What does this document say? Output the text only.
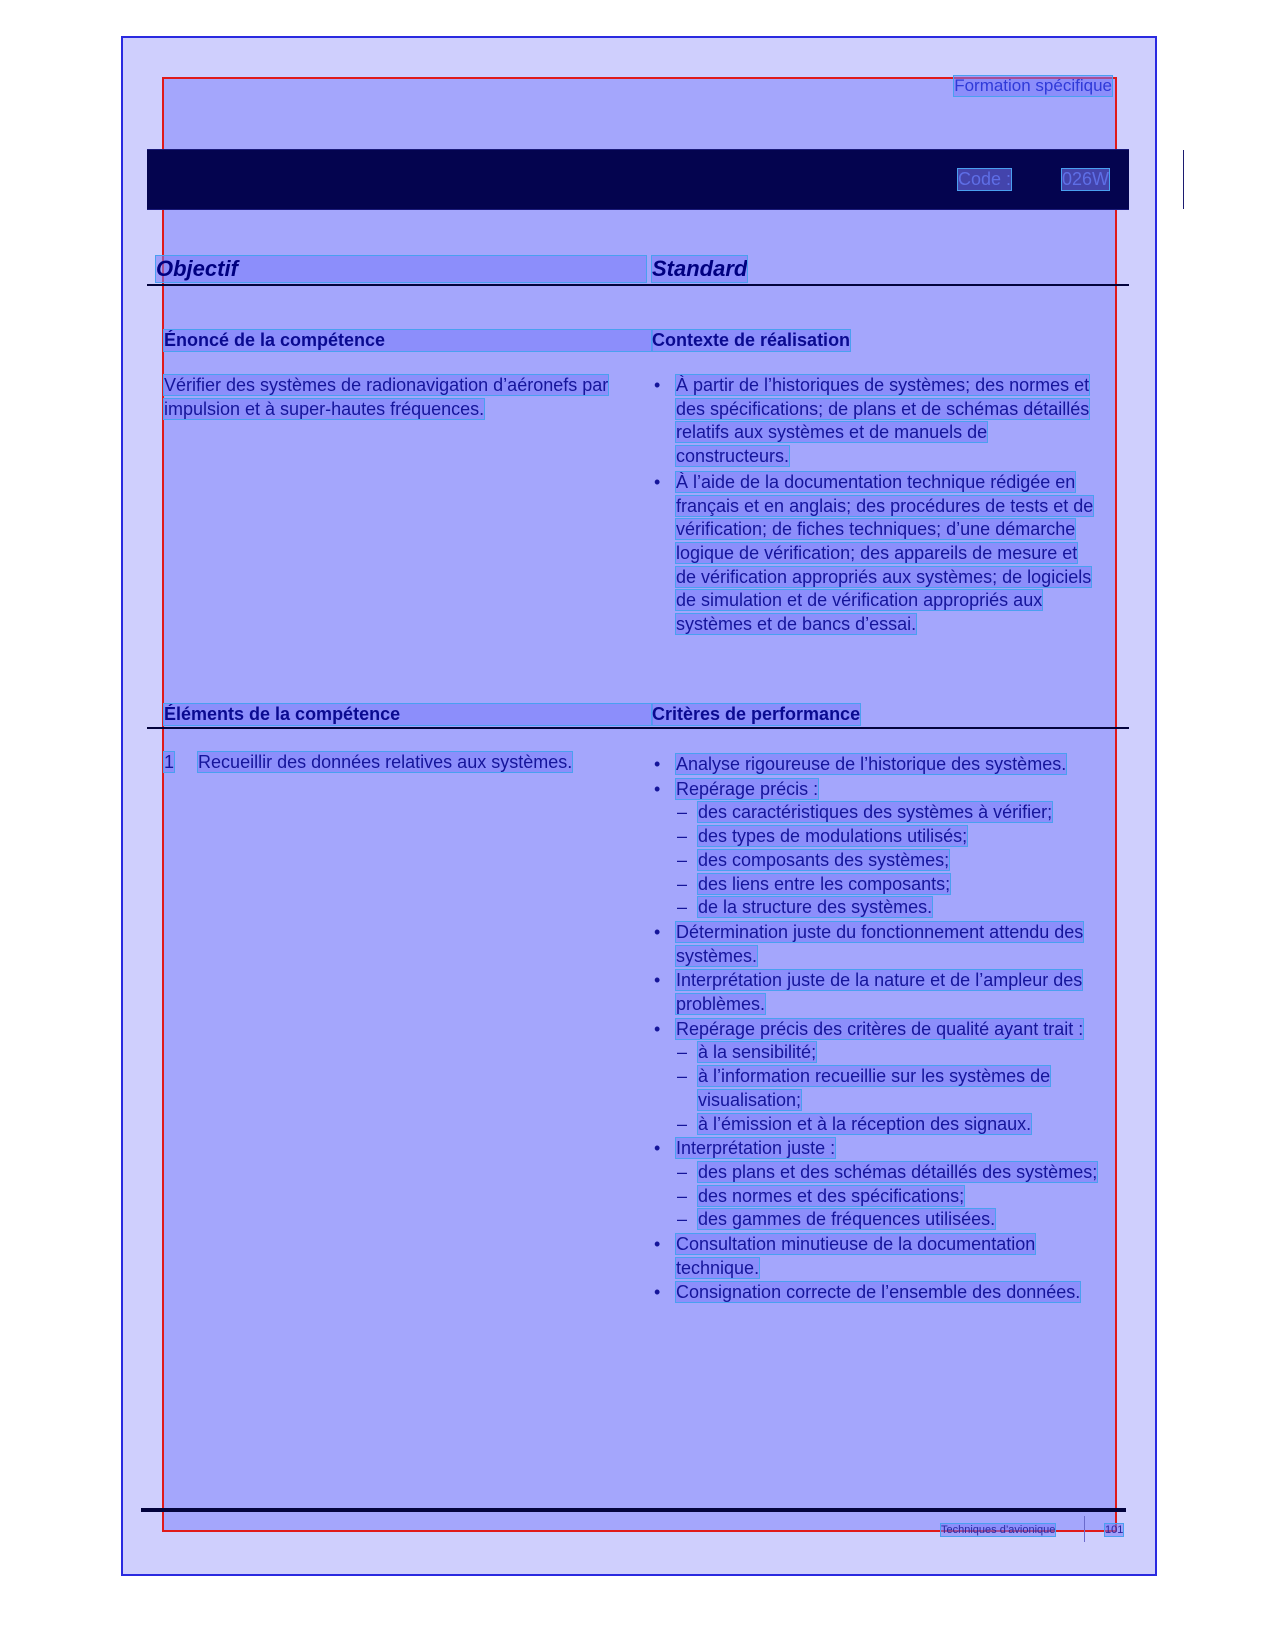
Formation spécifique
Code :	026W
Objectif	Standard
Énoncé de la compétence	Contexte de réalisation
Vérifier des systèmes de radionavigation d’aéronefs par impulsion et à super-hautes fréquences.
• À partir de l’historiques de systèmes; des normes et des spécifications; de plans et de schémas détaillés relatifs aux systèmes et de manuels de constructeurs.
• À l’aide de la documentation technique rédigée en français et en anglais; des procédures de tests et de vérification; de fiches techniques; d’une démarche logique de vérification; des appareils de mesure et de vérification appropriés aux systèmes; de logiciels de simulation et de vérification appropriés aux systèmes et de bancs d’essai.
Éléments de la compétence	Critères de performance
1 Recueillir des données relatives aux systèmes.
•	Analyse rigoureuse de l’historique des systèmes.
• Repérage précis :
– des caractéristiques des systèmes à vérifier;
– des types de modulations utilisés;
– des composants des systèmes;
– des liens entre les composants;
– de la structure des systèmes.
• Détermination juste du fonctionnement attendu des systèmes.
• Interprétation juste de la nature et de l’ampleur des problèmes.
• Repérage précis des critères de qualité ayant trait :
– à la sensibilité;
– à l’information recueillie sur les systèmes de visualisation;
– à l’émission et à la réception des signaux.
• Interprétation juste :
– des plans et des schémas détaillés des systèmes;
– des normes et des spécifications;
– des gammes de fréquences utilisées.
• Consultation minutieuse de la documentation technique.
• Consignation correcte de l’ensemble des données.
Techniques d’avionique	101
